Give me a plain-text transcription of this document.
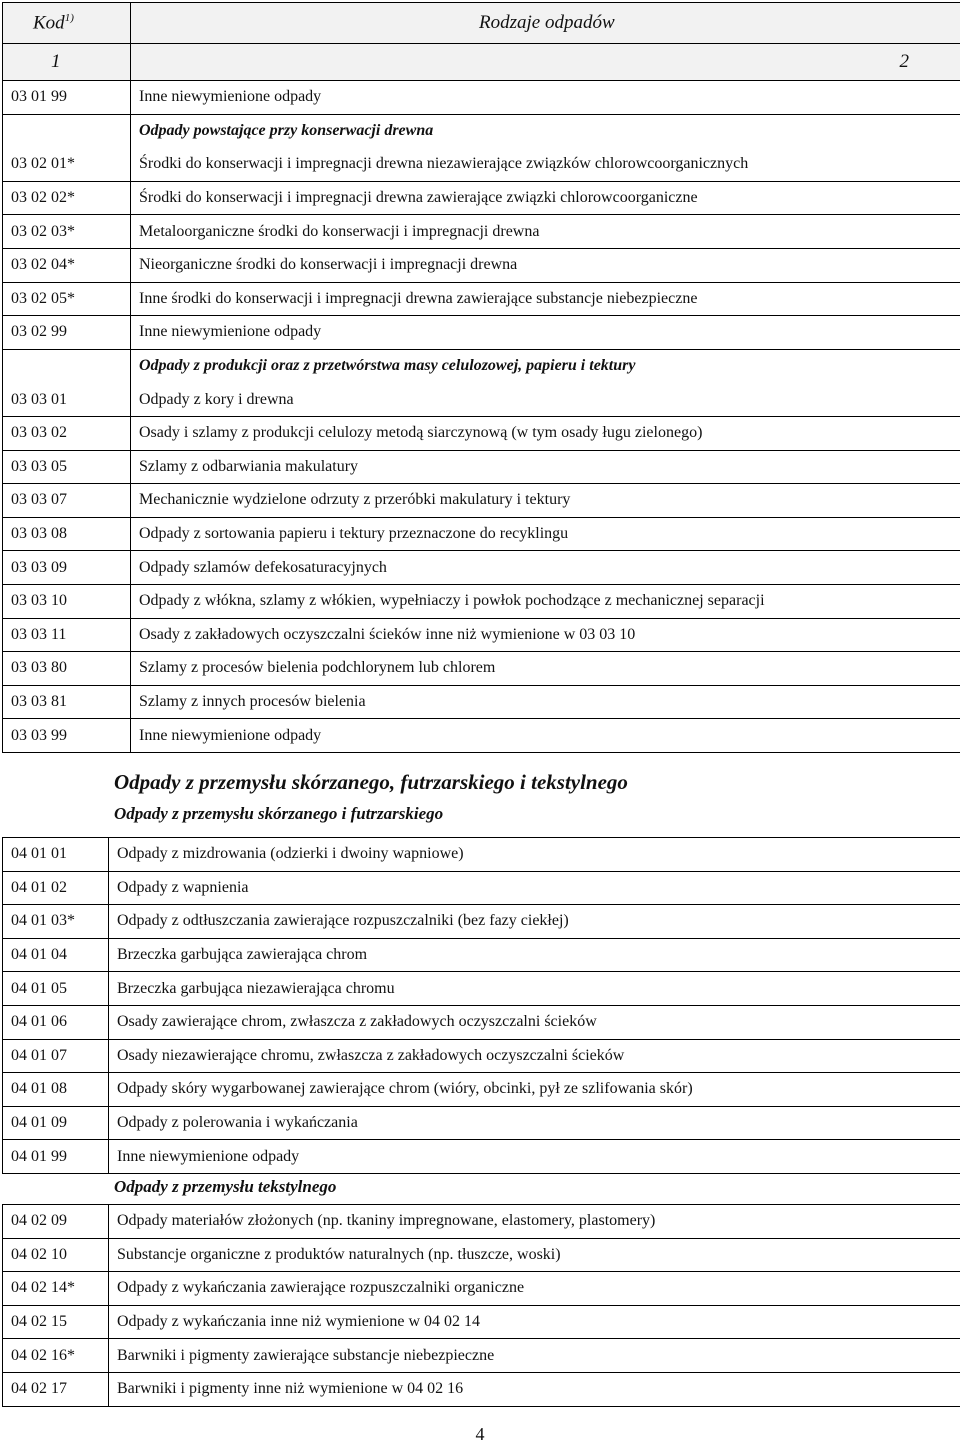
Kod$^{1)}$	Rodzaje odpadów
1	2
03 01 99	Inne niewymienione odpady
	Odpady powstające przy konserwacji drewna
03 02 01*	Środki do konserwacji i impregnacji drewna niezawierające związków chlorowcoorganicznych
03 02 02*	Środki do konserwacji i impregnacji drewna zawierające związki chlorowcoorganiczne
03 02 03*	Metaloorganiczne środki do konserwacji i impregnacji drewna
03 02 04*	Nieorganiczne środki do konserwacji i impregnacji drewna
03 02 05*	Inne środki do konserwacji i impregnacji drewna zawierające substancje niebezpieczne
03 02 99	Inne niewymienione odpady
	Odpady z produkcji oraz z przetwórstwa masy celulozowej, papieru i tektury
03 03 01	Odpady z kory i drewna
03 03 02	Osady i szlamy z produkcji celulozy metodą siarczynową (w tym osady ługu zielonego)
03 03 05	Szlamy z odbarwiania makulatury
03 03 07	Mechanicznie wydzielone odrzuty z przeróbki makulatury i tektury
03 03 08	Odpady z sortowania papieru i tektury przeznaczone do recyklingu
03 03 09	Odpady szlamów defekosaturacyjnych
03 03 10	Odpady z włókna, szlamy z włókien, wypełniaczy i powłok pochodzące z mechanicznej separacji
03 03 11	Osady z zakładowych oczyszczalni ścieków inne niż wymienione w 03 03 10
03 03 80	Szlamy z procesów bielenia podchlorynem lub chlorem
03 03 81	Szlamy z innych procesów bielenia
03 03 99	Inne niewymienione odpady
Odpady z przemysłu skórzanego, futrzarskiego i tekstylnego
Odpady z przemysłu skórzanego i futrzarskiego
04 01 01	Odpady z mizdrowania (odzierki i dwoiny wapniowe)
04 01 02	Odpady z wapnienia
04 01 03*	Odpady z odtłuszczania zawierające rozpuszczalniki (bez fazy ciekłej)
04 01 04	Brzeczka garbująca zawierająca chrom
04 01 05	Brzeczka garbująca niezawierająca chromu
04 01 06	Osady zawierające chrom, zwłaszcza z zakładowych oczyszczalni ścieków
04 01 07	Osady niezawierające chromu, zwłaszcza z zakładowych oczyszczalni ścieków
04 01 08	Odpady skóry wygarbowanej zawierające chrom (wióry, obcinki, pył ze szlifowania skór)
04 01 09	Odpady z polerowania i wykańczania
04 01 99	Inne niewymienione odpady
Odpady z przemysłu tekstylnego
04 02 09	Odpady materiałów złożonych (np. tkaniny impregnowane, elastomery, plastomery)
04 02 10	Substancje organiczne z produktów naturalnych (np. tłuszcze, woski)
04 02 14*	Odpady z wykańczania zawierające rozpuszczalniki organiczne
04 02 15	Odpady z wykańczania inne niż wymienione w 04 02 14
04 02 16*	Barwniki i pigmenty zawierające substancje niebezpieczne
04 02 17	Barwniki i pigmenty inne niż wymienione w 04 02 16
4
